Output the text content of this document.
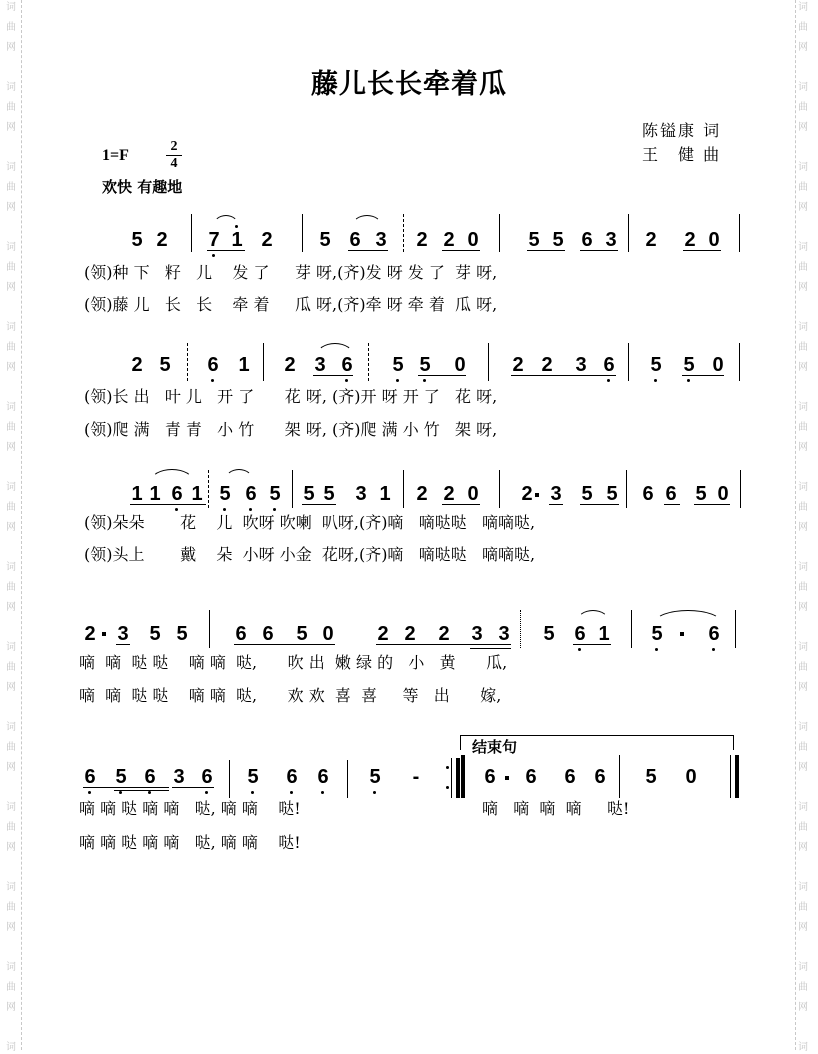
词
曲
网
词
曲
网
词
曲
网
词
曲
网
词
曲
网
词
曲
网
词
曲
网
词
曲
网
词
曲
网
词
曲
网
词
曲
网
词
曲
网
词
曲
网
词
词
曲
网
词
曲
网
词
曲
网
词
曲
网
词
曲
网
词
曲
网
词
曲
网
词
曲
网
词
曲
网
词
曲
网
词
曲
网
词
曲
网
词
曲
网
词
藤儿长长牵着瓜
陈镒康 词
王　健 曲
1=F
2
4
欢快 有趣地
5 2 7 1 2 5 6 3 2 2 0 5 5 6 3 2 2 0
(领)种 下   籽   儿    发 了     芽 呀,(齐)发 呀 发 了  芽 呀,
(领)藤 儿   长   长    牵 着     瓜 呀,(齐)牵 呀 牵 着  瓜 呀,
2 5 6 1 2 3 6 5 5 0 2 2 3 6 5 5 0
(领)长 出   叶 儿   开 了      花 呀, (齐)开 呀 开 了   花 呀,
(领)爬 满   青 青   小 竹      架 呀, (齐)爬 满 小 竹   架 呀,
1 1 6 1 5 6 5 5 5 3 1 2 2 0 2 3 5 5 6 6 5 0
(领)朵朵       花    儿  吹呀 吹喇  叭呀,(齐)嘀   嘀哒哒   嘀嘀哒,
(领)头上       戴    朵  小呀 小金  花呀,(齐)嘀   嘀哒哒   嘀嘀哒,
2 3 5 5 6 6 5 0 2 2 2 3 3 5 6 1 5 6
嘀  嘀  哒 哒    嘀 嘀  哒,      吹 出  嫩 绿 的   小   黄      瓜,
嘀  嘀  哒 哒    嘀 嘀  哒,      欢 欢  喜  喜     等   出      嫁,
6 5 6 3 6 5 6 6 5 -	6 6 6 6 5 0
嘀 嘀 哒 嘀 嘀   哒, 嘀 嘀    哒!
嘀 嘀 哒 嘀 嘀   哒, 嘀 嘀    哒!
嘀   嘀  嘀  嘀     哒!
结束句
